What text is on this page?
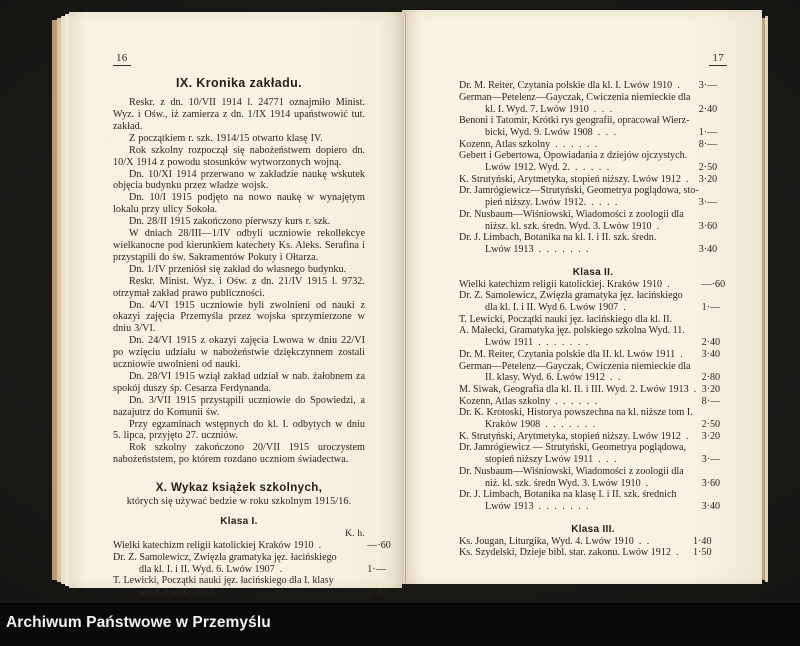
16
IX. Kronika zakładu.

Reskr. z dn. 10/VII 1914 l. 24771 oznajmiło Minist. Wyz. i Ośw., iż zamierza z dn. 1/IX 1914 upaństwowić tut. zakład.

Z początkiem r. szk. 1914/15 otwarto klasę IV.

Rok szkolny rozpoczął się nabożeństwem dopiero dn. 10/X 1914 z powodu stosunków wytworzonych wojną.

Dn. 10/XI 1914 przerwano w zakładzie naukę wskutek objęcia budynku przez władze wojsk.

Dn. 10/I 1915 podjęto na nowo naukę w wynajętym lokalu przy ulicy Sokoła.

Dn. 28/II 1915 zakończono pierwszy kurs r. szk.

W dniach 28/III—1/IV odbyli uczniowie rekollekcye wielkanocne pod kierunkiem katechety Ks. Aleks. Serafina i przystąpili do św. Sakramentów Pokuty i Ołtarza.

Dn. 1/IV przeniósł się zakład do własnego budynku.

Reskr. Minist. Wyz. i Ośw. z dn. 21/IV 1915 l. 9732. otrzymał zakład prawo publiczności.

Dn. 4/VI 1915 uczniowie byli zwolnieni od nauki z okazyi zajęcia Przemyśla przez wojska sprzymierzone w dniu 3/VI.

Dn. 24/VI 1915 z okazyi zajęcia Lwowa w dniu 22/VI po wzięciu udziału w nabożeństwie dziękczynnem zostali uczniowie uwolnieni od nauki.

Dn. 28/VI 1915 wziął zakład udział w nab. żałobnem za spokój duszy śp. Cesarza Ferdynanda.

Dn. 3/VII 1915 przystąpili uczniowie do Spowiedzi, a nazajutrz do Komunii św.

Przy egzaminach wstępnych do kl. I. odbytych w dniu 5. lipca, przyjęto 27. uczniów.

Rok szkolny zakończono 20/VII 1915 uroczystem nabożeńststem, po którem rozdano uczniom świadectwa.

X. Wykaz książek szkolnych,

których się używać bedzie w roku szkolnym 1915/16.

Klasa I.
K. h.
Wielki katechizm religii katolickiej Kraków 1910 .	—·60
Dr. Z. Samolewicz, Zwięzła gramatyka jęz. łacińskiego	
dla kl. I. i II. Wyd. 6. Lwów 1907 .	1·—
T. Lewicki, Początki nauki jęz. łacińskiego dla I. klasy	
gimn. Lwów 1913 ......	2·40

17
Dr. M. Reiter, Czytania polskie dla kl. I. Lwów 1910 .	3·—
German—Petelenz—Gayczak, Ćwiczenia niemieckie dla	
kl. I. Wyd. 7. Lwów 1910 ...	2·40
Benoni i Tatomir, Krótki rys geografii, opracował Wierz-	
bicki, Wyd. 9. Lwów 1908 ...	1·—
Kozenn, Atlas szkolny ......	8·—
Gebert i Gebertowa, Opowiadania z dziejów ojczystych.	
Lwów 1912. Wyd. 2. .....	2·50
K. Strutyński, Arytmetyka, stopień niższy. Lwów 1912 .	3·20
Dr. Jamrógiewicz—Strutyński, Geometrya poglądowa, sto-	
pień niższy. Lwów 1912. ....	3·—
Dr. Nusbaum—Wiśniowski, Wiadomości z zoologii dla	
niższ. kl. szk. średn. Wyd. 3. Lwów 1910 .	3·60
Dr. J. Limbach, Botanika na kl. I. i II. szk. średn.	
Lwów 1913 .......	3·40
Klasa II.
Wielki katechizm religii katolickiej. Kraków 1910 .	—·60
Dr. Z. Samolewicz, Zwięzła gramatyka jęz. łacińskiego	
dla kl. I. i II. Wyd 6. Lwów 1907 .	1·—
T. Lewicki, Początki nauki jęz. łacińskiego dla kl. II.	
A. Małecki, Gramatyka jęz. polskiego szkolna Wyd. 11.	
Lwów 1911 .......	2·40
Dr. M. Reiter, Czytania polskie dla II. kl. Lwów 1911 .	3·40
German—Petelenz—Gayczak, Ćwiczenia niemieckie dla	
II. klasy. Wyd. 6. Lwów 1912 ..	2·80
M. Siwak, Geografia dla kl. II. i III. Wyd. 2. Lwów 1913 .	3·20
Kozenn, Atlas szkolny ......	8·—
Dr. K. Krotoski, Historya powszechna na kl. niższe tom I.	
Kraków 1908 .......	2·50
K. Strutyński, Arytmetyka, stopień niższy. Lwów 1912 .	3·20
Dr. Jamrógiewicz — Strutyński, Geometrya poglądowa,	
stopień niższy Lwów 1911 ...	3·—
Dr. Nusbaum—Wiśniowski, Wiadomości z zoologii dla	
niż. kl. szk. średn Wyd. 3. Lwów 1910 .	3·60
Dr. J. Limbach, Botanika na klasę I. i II. szk. średnich	
Lwów 1913 .......	3·40
Klasa III.
Ks. Jougan, Liturgika, Wyd. 4. Lwów 1910 ..	1·40
Ks. Szydelski, Dzieje bibl. star. zakonu. Lwów 1912 .	1·50
Archiwum Państwowe w Przemyślu
